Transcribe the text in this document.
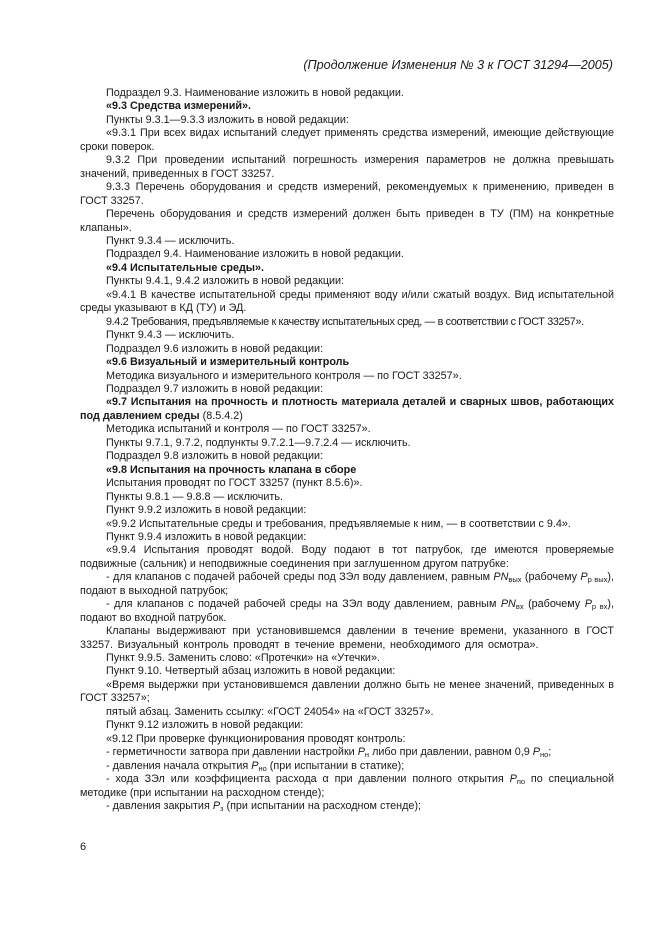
(Продолжение Изменения № 3 к ГОСТ 31294—2005)

Подраздел 9.3. Наименование изложить в новой редакции.

«9.3 Средства измерений».

Пункты 9.3.1—9.3.3 изложить в новой редакции:

«9.3.1 При всех видах испытаний следует применять средства измерений, имеющие действующие сроки поверок.

9.3.2 При проведении испытаний погрешность измерения параметров не должна превышать значений, приведенных в ГОСТ 33257.

9.3.3 Перечень оборудования и средств измерений, рекомендуемых к применению, приведен в ГОСТ 33257.

Перечень оборудования и средств измерений должен быть приведен в ТУ (ПМ) на конкретные клапаны».

Пункт 9.3.4 — исключить.

Подраздел 9.4. Наименование изложить в новой редакции.

«9.4 Испытательные среды».

Пункты 9.4.1, 9.4.2 изложить в новой редакции:

«9.4.1 В качестве испытательной среды применяют воду и/или сжатый воздух. Вид испытательной среды указывают в КД (ТУ) и ЭД.

9.4.2 Требования, предъявляемые к качеству испытательных сред, — в соответствии с ГОСТ 33257».

Пункт 9.4.3 — исключить.

Подраздел 9.6 изложить в новой редакции:

«9.6 Визуальный и измерительный контроль

Методика визуального и измерительного контроля — по ГОСТ 33257».

Подраздел 9.7 изложить в новой редакции:

«9.7 Испытания на прочность и плотность материала деталей и сварных швов, работающих под давлением среды (8.5.4.2)

Методика испытаний и контроля — по ГОСТ 33257».

Пункты 9.7.1, 9.7.2, подпункты 9.7.2.1—9.7.2.4 — исключить.

Подраздел 9.8 изложить в новой редакции:

«9.8 Испытания на прочность клапана в сборе

Испытания проводят по ГОСТ 33257 (пункт 8.5.6)».

Пункты 9.8.1 — 9.8.8 — исключить.

Пункт 9.9.2 изложить в новой редакции:

«9.9.2 Испытательные среды и требования, предъявляемые к ним, — в соответствии с 9.4».

Пункт 9.9.4 изложить в новой редакции:

«9.9.4 Испытания проводят водой. Воду подают в тот патрубок, где имеются проверяемые подвижные (сальник) и неподвижные соединения при заглушенном другом патрубке:

- для клапанов с подачей рабочей среды под ЗЭл воду давлением, равным $PN_{вых}$ (рабочему $P_{р вых}$), подают в выходной патрубок;

- для клапанов с подачей рабочей среды на ЗЭл воду давлением, равным $PN_{вх}$ (рабочему $P_{р вх}$), подают во входной патрубок.

Клапаны выдерживают при установившемся давлении в течение времени, указанного в ГОСТ 33257. Визуальный контроль проводят в течение времени, необходимого для осмотра».

Пункт 9.9.5. Заменить слово: «Протечки» на «Утечки».

Пункт 9.10. Четвертый абзац изложить в новой редакции:

«Время выдержки при установившемся давлении должно быть не менее значений, приведенных в ГОСТ 33257»;

пятый абзац. Заменить ссылку: «ГОСТ 24054» на «ГОСТ 33257».

Пункт 9.12 изложить в новой редакции:

«9.12 При проверке функционирования проводят контроль:

- герметичности затвора при давлении настройки $P_н$ либо при давлении, равном 0,9 $P_{но}$;

- давления начала открытия $P_{но}$ (при испытании в статике);

- хода ЗЭл или коэффициента расхода α при давлении полного открытия $P_{по}$ по специальной методике (при испытании на расходном стенде);

- давления закрытия $P_з$ (при испытании на расходном стенде);

6
